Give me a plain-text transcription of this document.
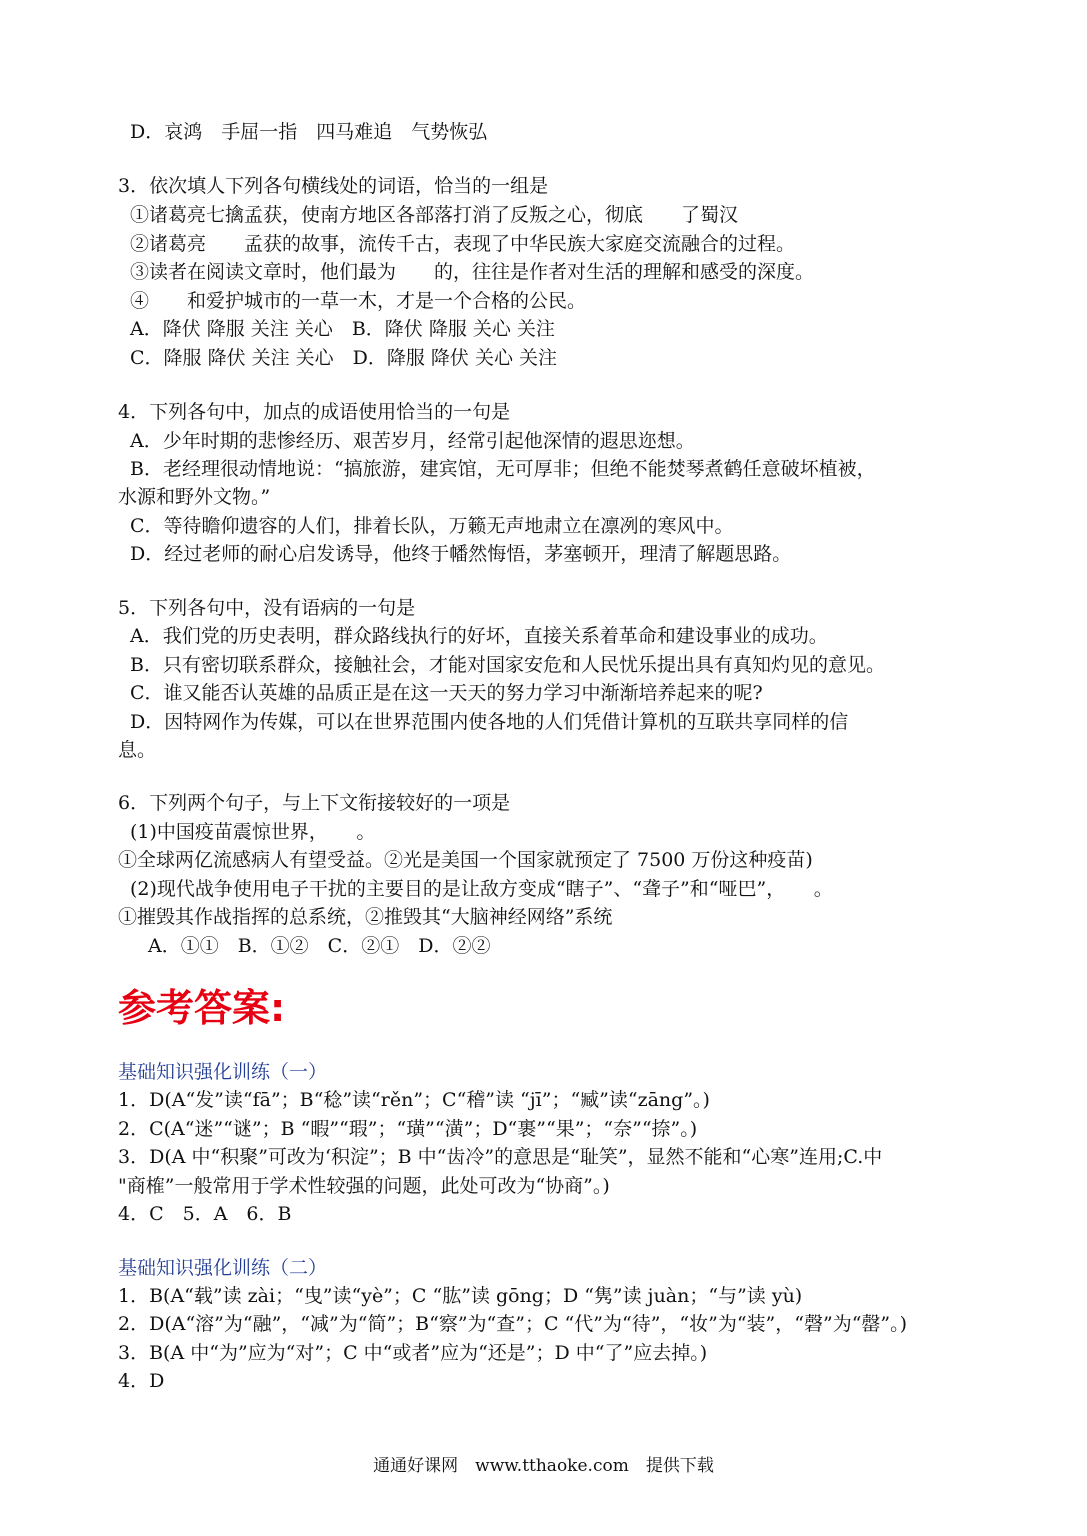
D．哀鸿　手屈一指　四马难追　气势恢弘
3．依次填人下列各句横线处的词语，恰当的一组是
①诸葛亮七擒孟获，使南方地区各部落打消了反叛之心，彻底　　了蜀汉
②诸葛亮　　孟获的故事，流传千古，表现了中华民族大家庭交流融合的过程。
③读者在阅读文章时，他们最为　　的，往往是作者对生活的理解和感受的深度。
④　　和爱护城市的一草一木，才是一个合格的公民。
A．降伏 降服 关注 关心　B．降伏 降服 关心 关注
C．降服 降伏 关注 关心　D．降服 降伏 关心 关注
4．下列各句中，加点的成语使用恰当的一句是
A．少年时期的悲惨经历、艰苦岁月，经常引起他深情的遐思迩想。
B．老经理很动情地说：“搞旅游，建宾馆，无可厚非；但绝不能焚琴煮鹤任意破坏植被，
水源和野外文物。”
C．等待瞻仰遗容的人们，排着长队，万籁无声地肃立在凛冽的寒风中。
D．经过老师的耐心启发诱导，他终于幡然悔悟，茅塞顿开，理清了解题思路。
5．下列各句中，没有语病的一句是
A．我们党的历史表明，群众路线执行的好坏，直接关系着革命和建设事业的成功。
B．只有密切联系群众，接触社会，才能对国家安危和人民忧乐提出具有真知灼见的意见。
C．谁又能否认英雄的品质正是在这一天天的努力学习中渐渐培养起来的呢?
D．因特网作为传媒，可以在世界范围内使各地的人们凭借计算机的互联共享同样的信
息。
6．下列两个句子，与上下文衔接较好的一项是
(1)中国疫苗震惊世界，　　。
①全球两亿流感病人有望受益。②光是美国一个国家就预定了 7500 万份这种疫苗)
(2)现代战争使用电子干扰的主要目的是让敌方变成“瞎子”、“聋子”和“哑巴”，　　。
①摧毁其作战指挥的总系统，②推毁其“大脑神经网络”系统
A．①①　B．①②　C．②①　D．②②
参考答案:
基础知识强化训练（一）
1．D(A“发”读“fā”；B“稔”读“rěn”；C“稽”读 “jī”；“臧”读“zāng”。)
2．C(A“迷”“谜”；B “暇”“瑕”；“璜”“潢”；D“裹”“果”；“奈”“捺”。)
3．D(A 中“积聚”可改为‘积淀”；B 中“齿冷”的意思是“耻笑”，显然不能和“心寒”连用;C.中
"商榷”一般常用于学术性较强的问题，此处可改为“协商”。)
4．C　5．A　6．B
基础知识强化训练（二）
1．B(A“载”读 zài；“曳”读“yè”；C “肱”读 gōng；D “隽”读 juàn；“与”读 yù)
2．D(A“溶”为“融”，“减”为“简”；B“察”为“查”；C “代”为“待”，“妆”为“装”，“磬”为“罄”。)
3．B(A 中“为”应为“对”；C 中“或者”应为“还是”；D 中“了”应去掉。)
4．D
通通好课网　www.tthaoke.com　提供下载
